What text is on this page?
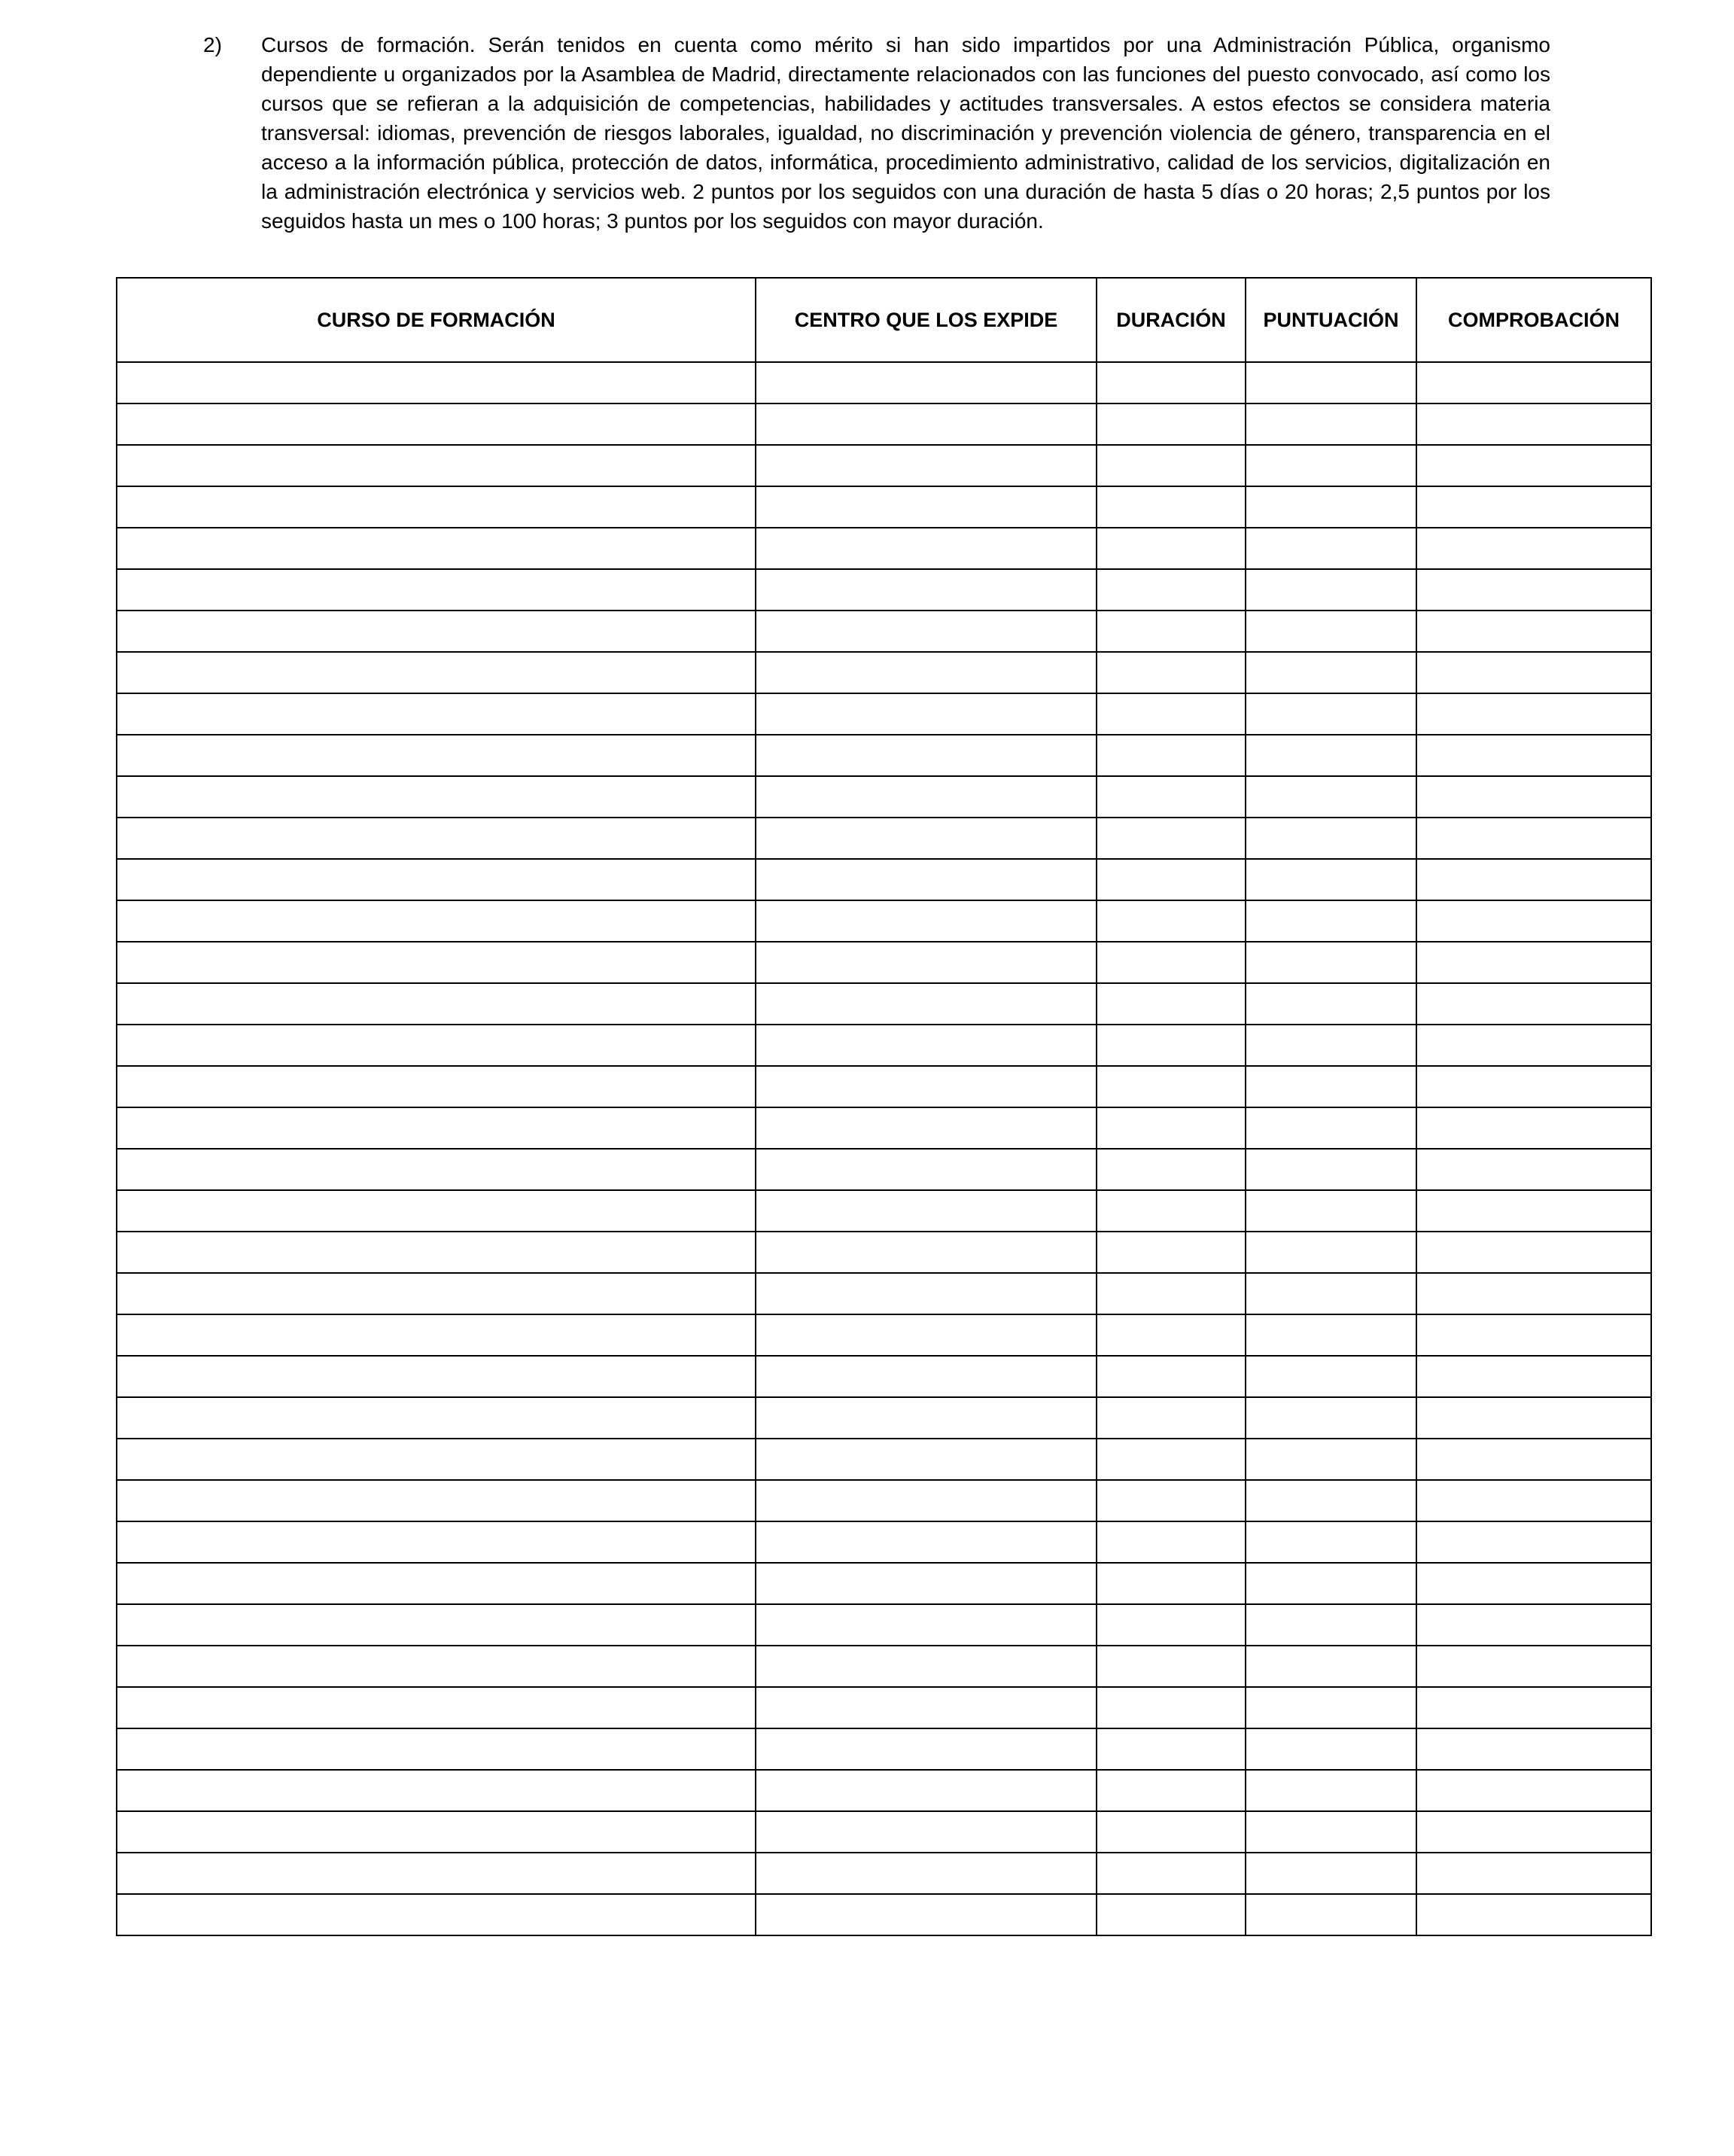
2) Cursos de formación. Serán tenidos en cuenta como mérito si han sido impartidos por una Administración Pública, organismo dependiente u organizados por la Asamblea de Madrid, directamente relacionados con las funciones del puesto convocado, así como los cursos que se refieran a la adquisición de competencias, habilidades y actitudes transversales. A estos efectos se considera materia transversal: idiomas, prevención de riesgos laborales, igualdad, no discriminación y prevención violencia de género, transparencia en el acceso a la información pública, protección de datos, informática, procedimiento administrativo, calidad de los servicios, digitalización en la administración electrónica y servicios web. 2 puntos por los seguidos con una duración de hasta 5 días o 20 horas; 2,5 puntos por los seguidos hasta un mes o 100 horas; 3 puntos por los seguidos con mayor duración.

CURSO DE FORMACIÓN	CENTRO QUE LOS EXPIDE	DURACIÓN	PUNTUACIÓN	COMPROBACIÓN
